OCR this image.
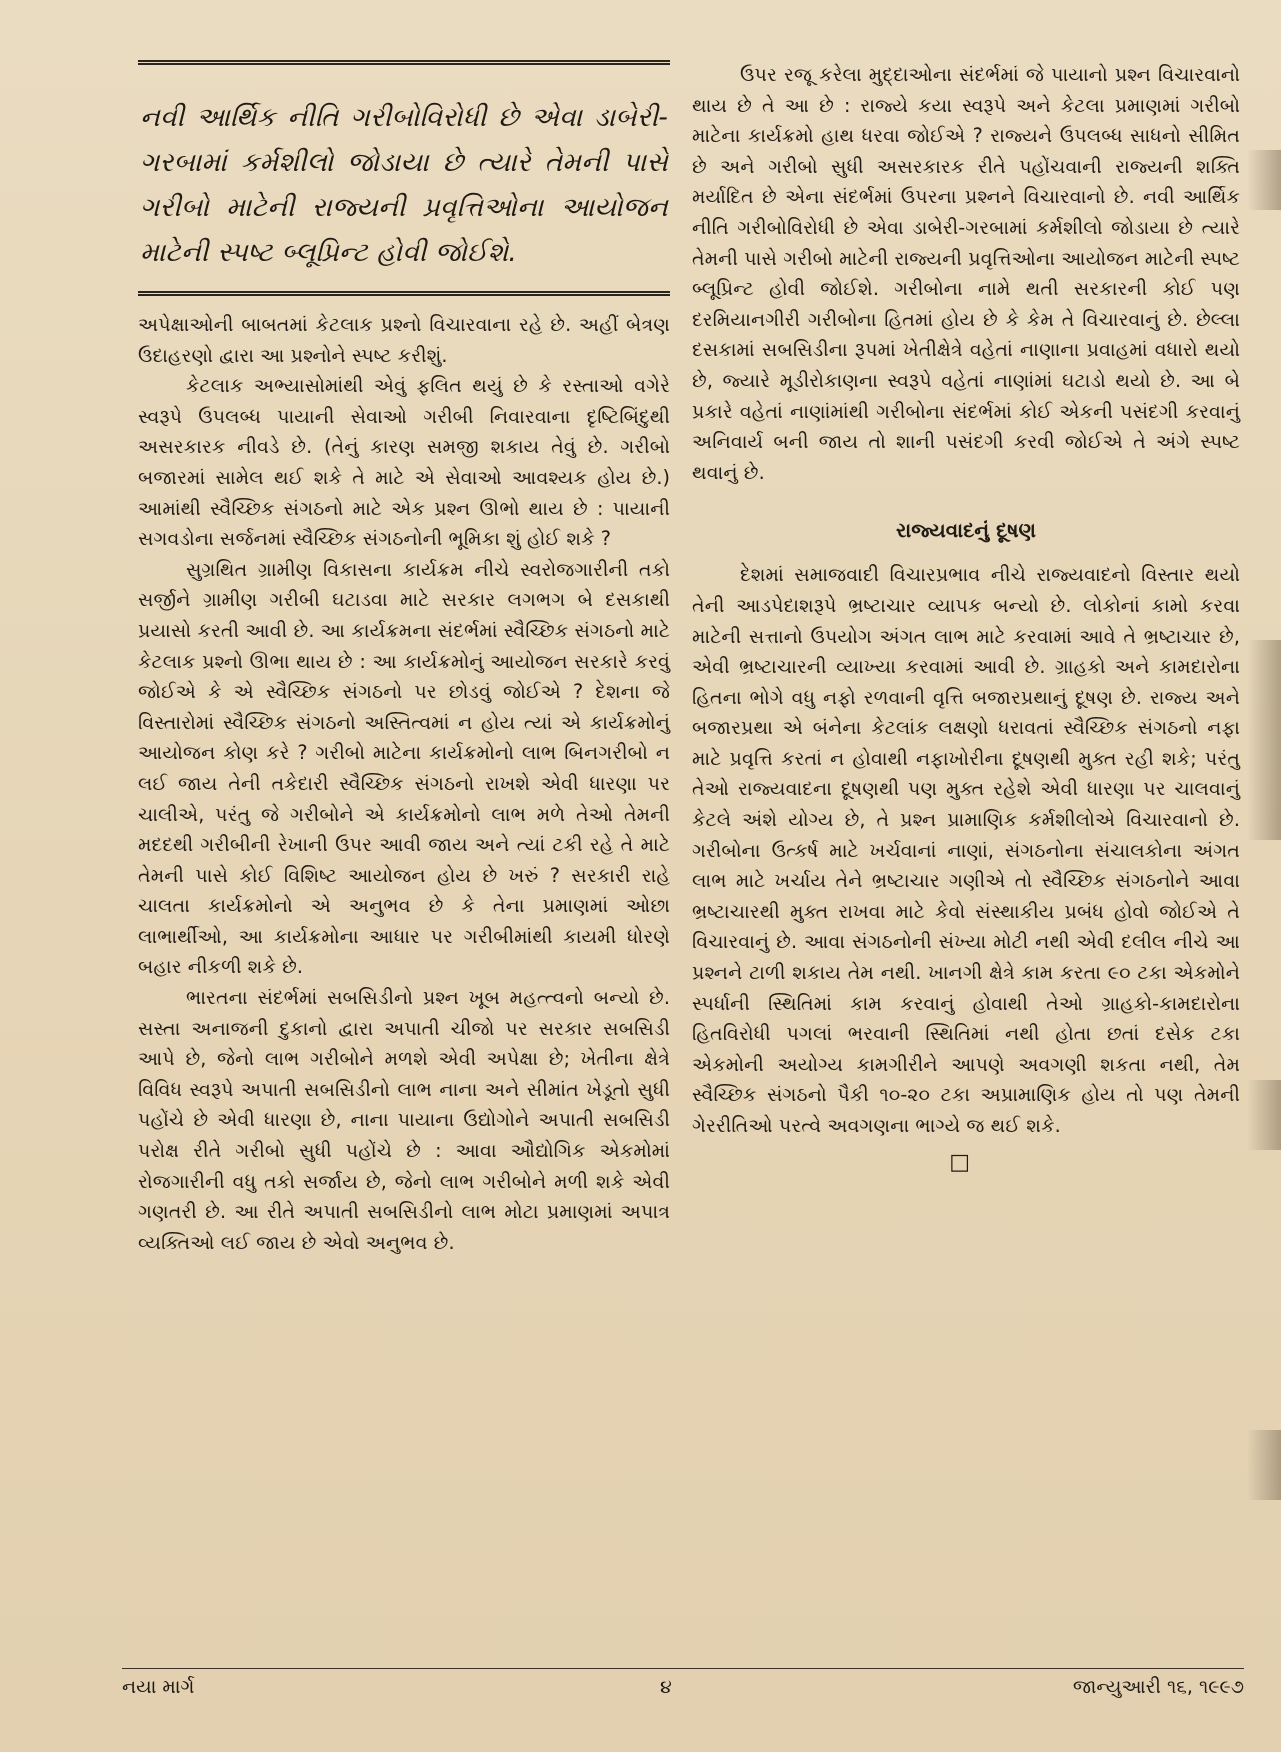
નવી આર્થિક નીતિ ગરીબોવિરોધી છે એવા ડાબેરી-ગરબામાં કર્મશીલો જોડાયા છે ત્યારે તેમની પાસે ગરીબો માટેની રાજ્યની પ્રવૃત્તિઓના આયોજન માટેની સ્પષ્ટ બ્લૂપ્રિન્ટ હોવી જોઈશે.

અપેક્ષાઓની બાબતમાં કેટલાક પ્રશ્નો વિચારવાના રહે છે. અહીં બેત્રણ ઉદાહરણો દ્વારા આ પ્રશ્નોને સ્પષ્ટ કરીશું.

કેટલાક અભ્યાસોમાંથી એવું ફલિત થયું છે કે રસ્તાઓ વગેરે સ્વરૂપે ઉપલબ્ધ પાયાની સેવાઓ ગરીબી નિવારવાના દૃષ્ટિબિંદુથી અસરકારક નીવડે છે. (તેનું કારણ સમજી શકાય તેવું છે. ગરીબો બજારમાં સામેલ થઈ શકે તે માટે એ સેવાઓ આવશ્યક હોય છે.) આમાંથી સ્વૈચ્છિક સંગઠનો માટે એક પ્રશ્ન ઊભો થાય છે : પાયાની સગવડોના સર્જનમાં સ્વૈચ્છિક સંગઠનોની ભૂમિકા શું હોઈ શકે ?

સુગ્રથિત ગ્રામીણ વિકાસના કાર્યક્રમ નીચે સ્વરોજગારીની તકો સર્જીને ગ્રામીણ ગરીબી ઘટાડવા માટે સરકાર લગભગ બે દસકાથી પ્રયાસો કરતી આવી છે. આ કાર્યક્રમના સંદર્ભમાં સ્વૈચ્છિક સંગઠનો માટે કેટલાક પ્રશ્નો ઊભા થાય છે : આ કાર્યક્રમોનું આયોજન સરકારે કરવું જોઈએ કે એ સ્વૈચ્છિક સંગઠનો પર છોડવું જોઈએ ? દેશના જે વિસ્તારોમાં સ્વૈચ્છિક સંગઠનો અસ્તિત્વમાં ન હોય ત્યાં એ કાર્યક્રમોનું આયોજન કોણ કરે ? ગરીબો માટેના કાર્યક્રમોનો લાભ બિનગરીબો ન લઈ જાય તેની તકેદારી સ્વૈચ્છિક સંગઠનો રાખશે એવી ધારણા પર ચાલીએ, પરંતુ જે ગરીબોને એ કાર્યક્રમોનો લાભ મળે તેઓ તેમની મદદથી ગરીબીની રેખાની ઉપર આવી જાય અને ત્યાં ટકી રહે તે માટે તેમની પાસે કોઈ વિશિષ્ટ આયોજન હોય છે ખરું ? સરકારી રાહે ચાલતા કાર્યક્રમોનો એ અનુભવ છે કે તેના પ્રમાણમાં ઓછા લાભાર્થીઓ, આ કાર્યક્રમોના આધાર પર ગરીબીમાંથી કાયમી ધોરણે બહાર નીકળી શકે છે.

ભારતના સંદર્ભમાં સબસિડીનો પ્રશ્ન ખૂબ મહત્ત્વનો બન્યો છે. સસ્તા અનાજની દુકાનો દ્વારા અપાતી ચીજો પર સરકાર સબસિડી આપે છે, જેનો લાભ ગરીબોને મળશે એવી અપેક્ષા છે; ખેતીના ક્ષેત્રે વિવિધ સ્વરૂપે અપાતી સબસિડીનો લાભ નાના અને સીમાંત ખેડૂતો સુધી પહોંચે છે એવી ધારણા છે, નાના પાયાના ઉદ્યોગોને અપાતી સબસિડી પરોક્ષ રીતે ગરીબો સુધી પહોંચે છે : આવા ઔદ્યોગિક એકમોમાં રોજગારીની વધુ તકો સર્જાય છે, જેનો લાભ ગરીબોને મળી શકે એવી ગણતરી છે. આ રીતે અપાતી સબસિડીનો લાભ મોટા પ્રમાણમાં અપાત્ર વ્યક્તિઓ લઈ જાય છે એવો અનુભવ છે.

ઉપર રજૂ કરેલા મુદ્દાઓના સંદર્ભમાં જે પાયાનો પ્રશ્ન વિચારવાનો થાય છે તે આ છે : રાજ્યે કયા સ્વરૂપે અને કેટલા પ્રમાણમાં ગરીબો માટેના કાર્યક્રમો હાથ ધરવા જોઈએ ? રાજ્યને ઉપલબ્ધ સાધનો સીમિત છે અને ગરીબો સુધી અસરકારક રીતે પહોંચવાની રાજ્યની શક્તિ મર્યાદિત છે એના સંદર્ભમાં ઉપરના પ્રશ્નને વિચારવાનો છે. નવી આર્થિક નીતિ ગરીબોવિરોધી છે એવા ડાબેરી-ગરબામાં કર્મશીલો જોડાયા છે ત્યારે તેમની પાસે ગરીબો માટેની રાજ્યની પ્રવૃત્તિઓના આયોજન માટેની સ્પષ્ટ બ્લૂપ્રિન્ટ હોવી જોઈશે. ગરીબોના નામે થતી સરકારની કોઈ પણ દરમિયાનગીરી ગરીબોના હિતમાં હોય છે કે કેમ તે વિચારવાનું છે. છેલ્લા દસકામાં સબસિડીના રૂપમાં ખેતીક્ષેત્રે વહેતાં નાણાના પ્રવાહમાં વધારો થયો છે, જ્યારે મૂડીરોકાણના સ્વરૂપે વહેતાં નાણાંમાં ઘટાડો થયો છે. આ બે પ્રકારે વહેતાં નાણાંમાંથી ગરીબોના સંદર્ભમાં કોઈ એકની પસંદગી કરવાનું અનિવાર્ય બની જાય તો શાની પસંદગી કરવી જોઈએ તે અંગે સ્પષ્ટ થવાનું છે.

રાજ્યવાદનું દૂષણ

દેશમાં સમાજવાદી વિચારપ્રભાવ નીચે રાજ્યવાદનો વિસ્તાર થયો તેની આડપેદાશરૂપે ભ્રષ્ટાચાર વ્યાપક બન્યો છે. લોકોનાં કામો કરવા માટેની સત્તાનો ઉપયોગ અંગત લાભ માટે કરવામાં આવે તે ભ્રષ્ટાચાર છે, એવી ભ્રષ્ટાચારની વ્યાખ્યા કરવામાં આવી છે. ગ્રાહકો અને કામદારોના હિતના ભોગે વધુ નફો રળવાની વૃત્તિ બજારપ્રથાનું દૂષણ છે. રાજ્ય અને બજારપ્રથા એ બંનેના કેટલાંક લક્ષણો ધરાવતાં સ્વૈચ્છિક સંગઠનો નફા માટે પ્રવૃત્તિ કરતાં ન હોવાથી નફાખોરીના દૂષણથી મુક્ત રહી શકે; પરંતુ તેઓ રાજ્યવાદના દૂષણથી પણ મુક્ત રહેશે એવી ધારણા પર ચાલવાનું કેટલે અંશે યોગ્ય છે, તે પ્રશ્ન પ્રામાણિક કર્મશીલોએ વિચારવાનો છે. ગરીબોના ઉત્કર્ષ માટે ખર્ચવાનાં નાણાં, સંગઠનોના સંચાલકોના અંગત લાભ માટે ખર્ચાય તેને ભ્રષ્ટાચાર ગણીએ તો સ્વૈચ્છિક સંગઠનોને આવા ભ્રષ્ટાચારથી મુક્ત રાખવા માટે કેવો સંસ્થાકીય પ્રબંધ હોવો જોઈએ તે વિચારવાનું છે. આવા સંગઠનોની સંખ્યા મોટી નથી એવી દલીલ નીચે આ પ્રશ્નને ટાળી શકાય તેમ નથી. ખાનગી ક્ષેત્રે કામ કરતા ૯૦ ટકા એકમોને સ્પર્ધાની સ્થિતિમાં કામ કરવાનું હોવાથી તેઓ ગ્રાહકો-કામદારોના હિતવિરોધી પગલાં ભરવાની સ્થિતિમાં નથી હોતા છતાં દસેક ટકા એકમોની અયોગ્ય કામગીરીને આપણે અવગણી શકતા નથી, તેમ સ્વૈચ્છિક સંગઠનો પૈકી ૧૦-૨૦ ટકા અપ્રામાણિક હોય તો પણ તેમની ગેરરીતિઓ પરત્વે અવગણના ભાગ્યે જ થઈ શકે.

□
નયા માર્ગ	૪	જાન્યુઆરી ૧૬, ૧૯૯૭
